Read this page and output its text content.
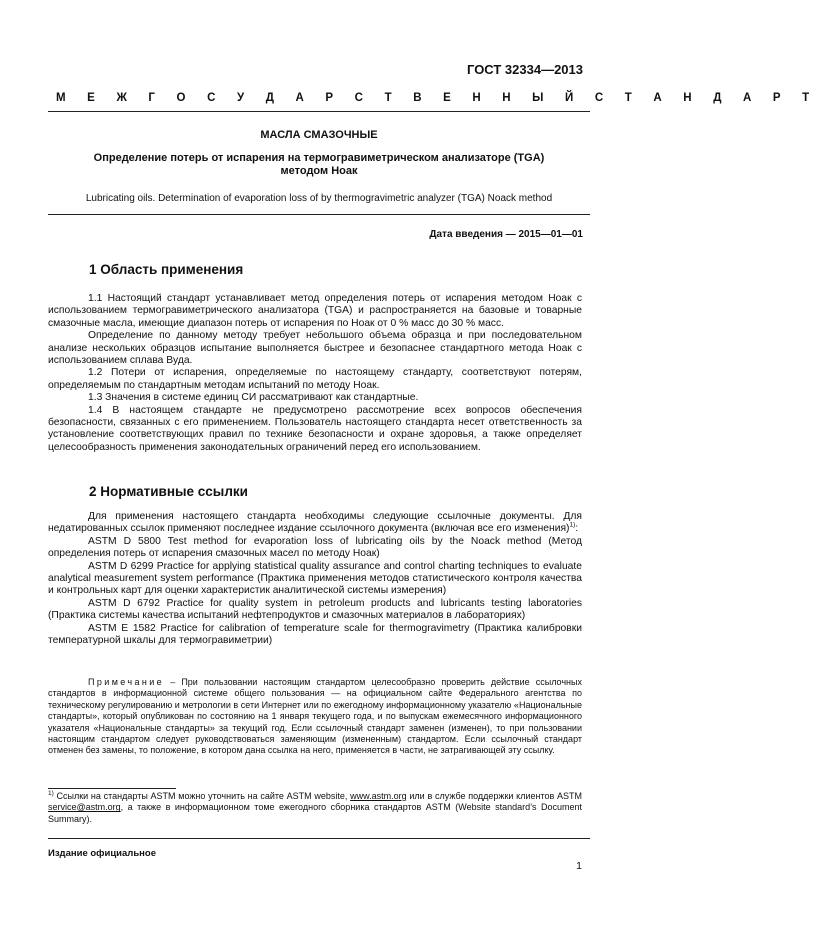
ГОСТ 32334—2013
М Е Ж Г О С У Д А Р С Т В Е Н Н Ы Й С Т А Н Д А Р Т
МАСЛА СМАЗОЧНЫЕ
Определение потерь от испарения на термогравиметрическом анализаторе (TGA)
методом Ноак
Lubricating oils. Determination of evaporation loss of by thermogravimetric analyzer (TGA) Noack method
Дата введения — 2015—01—01
1 Область применения

1.1 Настоящий стандарт устанавливает метод определения потерь от испарения методом Ноак с использованием термогравиметрического анализатора (TGA) и распространяется на базовые и товарные смазочные масла, имеющие диапазон потерь от испарения по Ноак от 0 % масс до 30 % масс.

Определение по данному методу требует небольшого объема образца и при последовательном анализе нескольких образцов испытание выполняется быстрее и безопаснее стандартного метода Ноак с использованием сплава Вуда.

1.2 Потери от испарения, определяемые по настоящему стандарту, соответствуют потерям, определяемым по стандартным методам испытаний по методу Ноак.

1.3 Значения в системе единиц СИ рассматривают как стандартные.

1.4 В настоящем стандарте не предусмотрено рассмотрение всех вопросов обеспечения безопасности, связанных с его применением. Пользователь настоящего стандарта несет ответственность за установление соответствующих правил по технике безопасности и охране здоровья, а также определяет целесообразность применения законодательных ограничений перед его использованием.

2 Нормативные ссылки

Для применения настоящего стандарта необходимы следующие ссылочные документы. Для недатированных ссылок применяют последнее издание ссылочного документа (включая все его изменения)$^{1)}$:

ASTM D 5800 Test method for evaporation loss of lubricating oils by the Noack method (Метод определения потерь от испарения смазочных масел по методу Ноак)

ASTM D 6299 Practice for applying statistical quality assurance and control charting techniques to evaluate analytical measurement system performance (Практика применения методов статистического контроля качества и контрольных карт для оценки характеристик аналитической системы измерения)

ASTM D 6792 Practice for quality system in petroleum products and lubricants testing laboratories (Практика системы качества испытаний нефтепродуктов и смазочных материалов в лабораториях)

ASTM E 1582 Practice for calibration of temperature scale for thermogravimetry (Практика калибровки температурной шкалы для термогравиметрии)

Примечание – При пользовании настоящим стандартом целесообразно проверить действие ссылочных стандартов в информационной системе общего пользования — на официальном сайте Федерального агентства по техническому регулированию и метрологии в сети Интернет или по ежегодному информационному указателю «Национальные стандарты», который опубликован по состоянию на 1 января текущего года, и по выпускам ежемесячного информационного указателя «Национальные стандарты» за текущий год. Если ссылочный стандарт заменен (изменен), то при пользовании настоящим стандартом следует руководствоваться заменяющим (измененным) стандартом. Если ссылочный стандарт отменен без замены, то положение, в котором дана ссылка на него, применяется в части, не затрагивающей эту ссылку.

$^{1)}$ Ссылки на стандарты ASTM можно уточнить на сайте ASTM website, www.astm.org или в службе поддержки клиентов ASTM service@astm.org, а также в информационном томе ежегодного сборника стандартов ASTM (Website standard’s Document Summary).
Издание официальное
1
